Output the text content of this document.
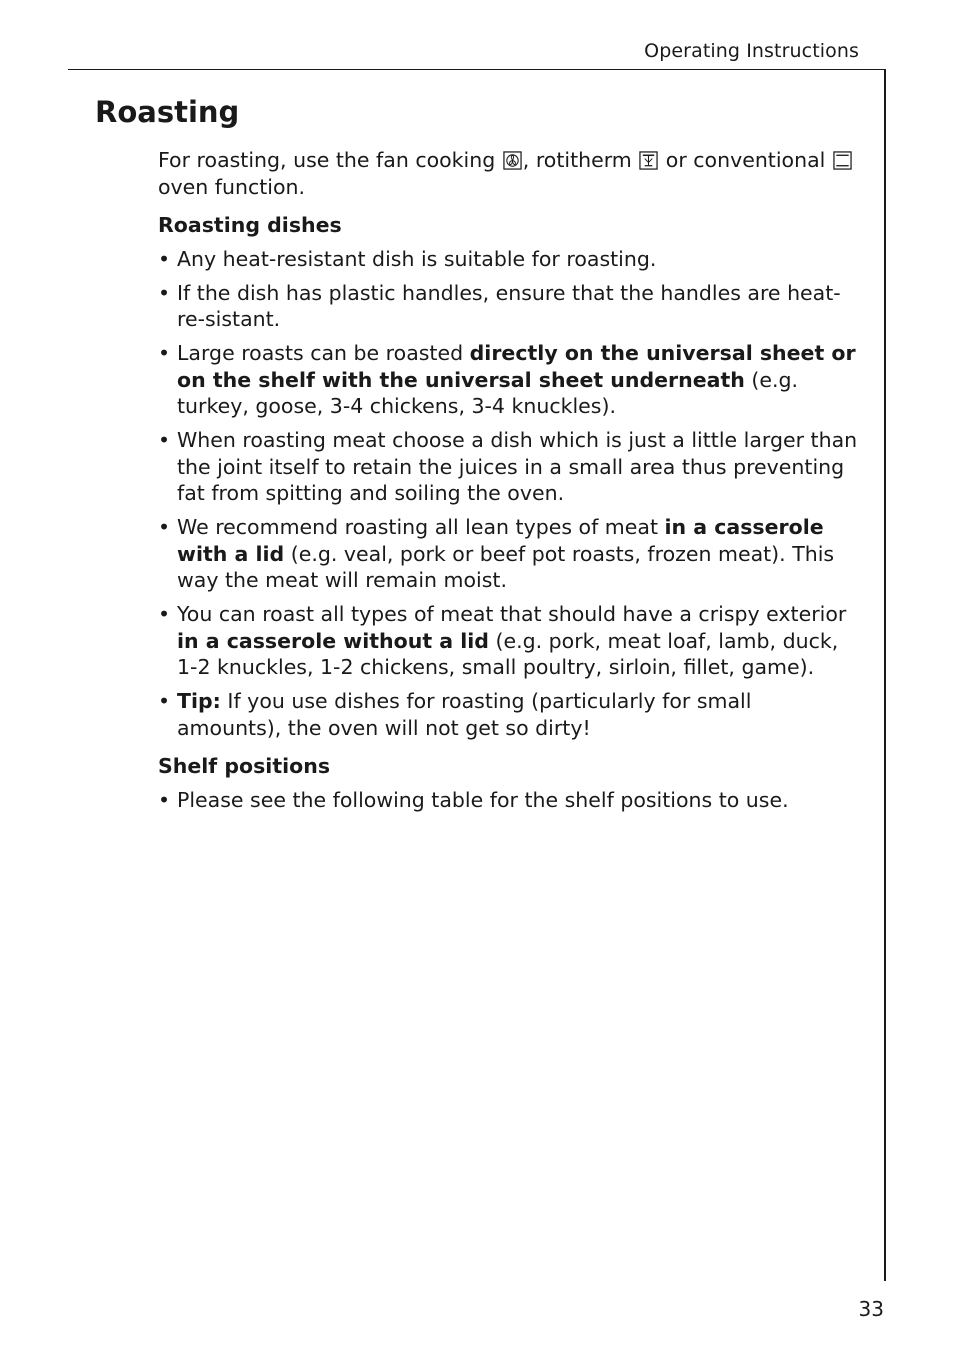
Operating Instructions
Roasting

For roasting, use the fan cooking
, rotitherm
or conventional
oven function.

Roasting dishes

• Any heat-resistant dish is suitable for roasting.
• If the dish has plastic handles, ensure that the handles are heat-re-sistant.
• Large roasts can be roasted directly on the universal sheet or on the shelf with the universal sheet underneath (e.g. turkey, goose, 3-4 chickens, 3-4 knuckles).
• When roasting meat choose a dish which is just a little larger than the joint itself to retain the juices in a small area thus preventing fat from spitting and soiling the oven.
• We recommend roasting all lean types of meat in a casserole with a lid (e.g. veal, pork or beef pot roasts, frozen meat). This way the meat will remain moist.
• You can roast all types of meat that should have a crispy exterior in a casserole without a lid (e.g. pork, meat loaf, lamb, duck, 1-2 knuckles, 1-2 chickens, small poultry, sirloin, fillet, game).
• Tip: If you use dishes for roasting (particularly for small amounts), the oven will not get so dirty!

Shelf positions

• Please see the following table for the shelf positions to use.
33
